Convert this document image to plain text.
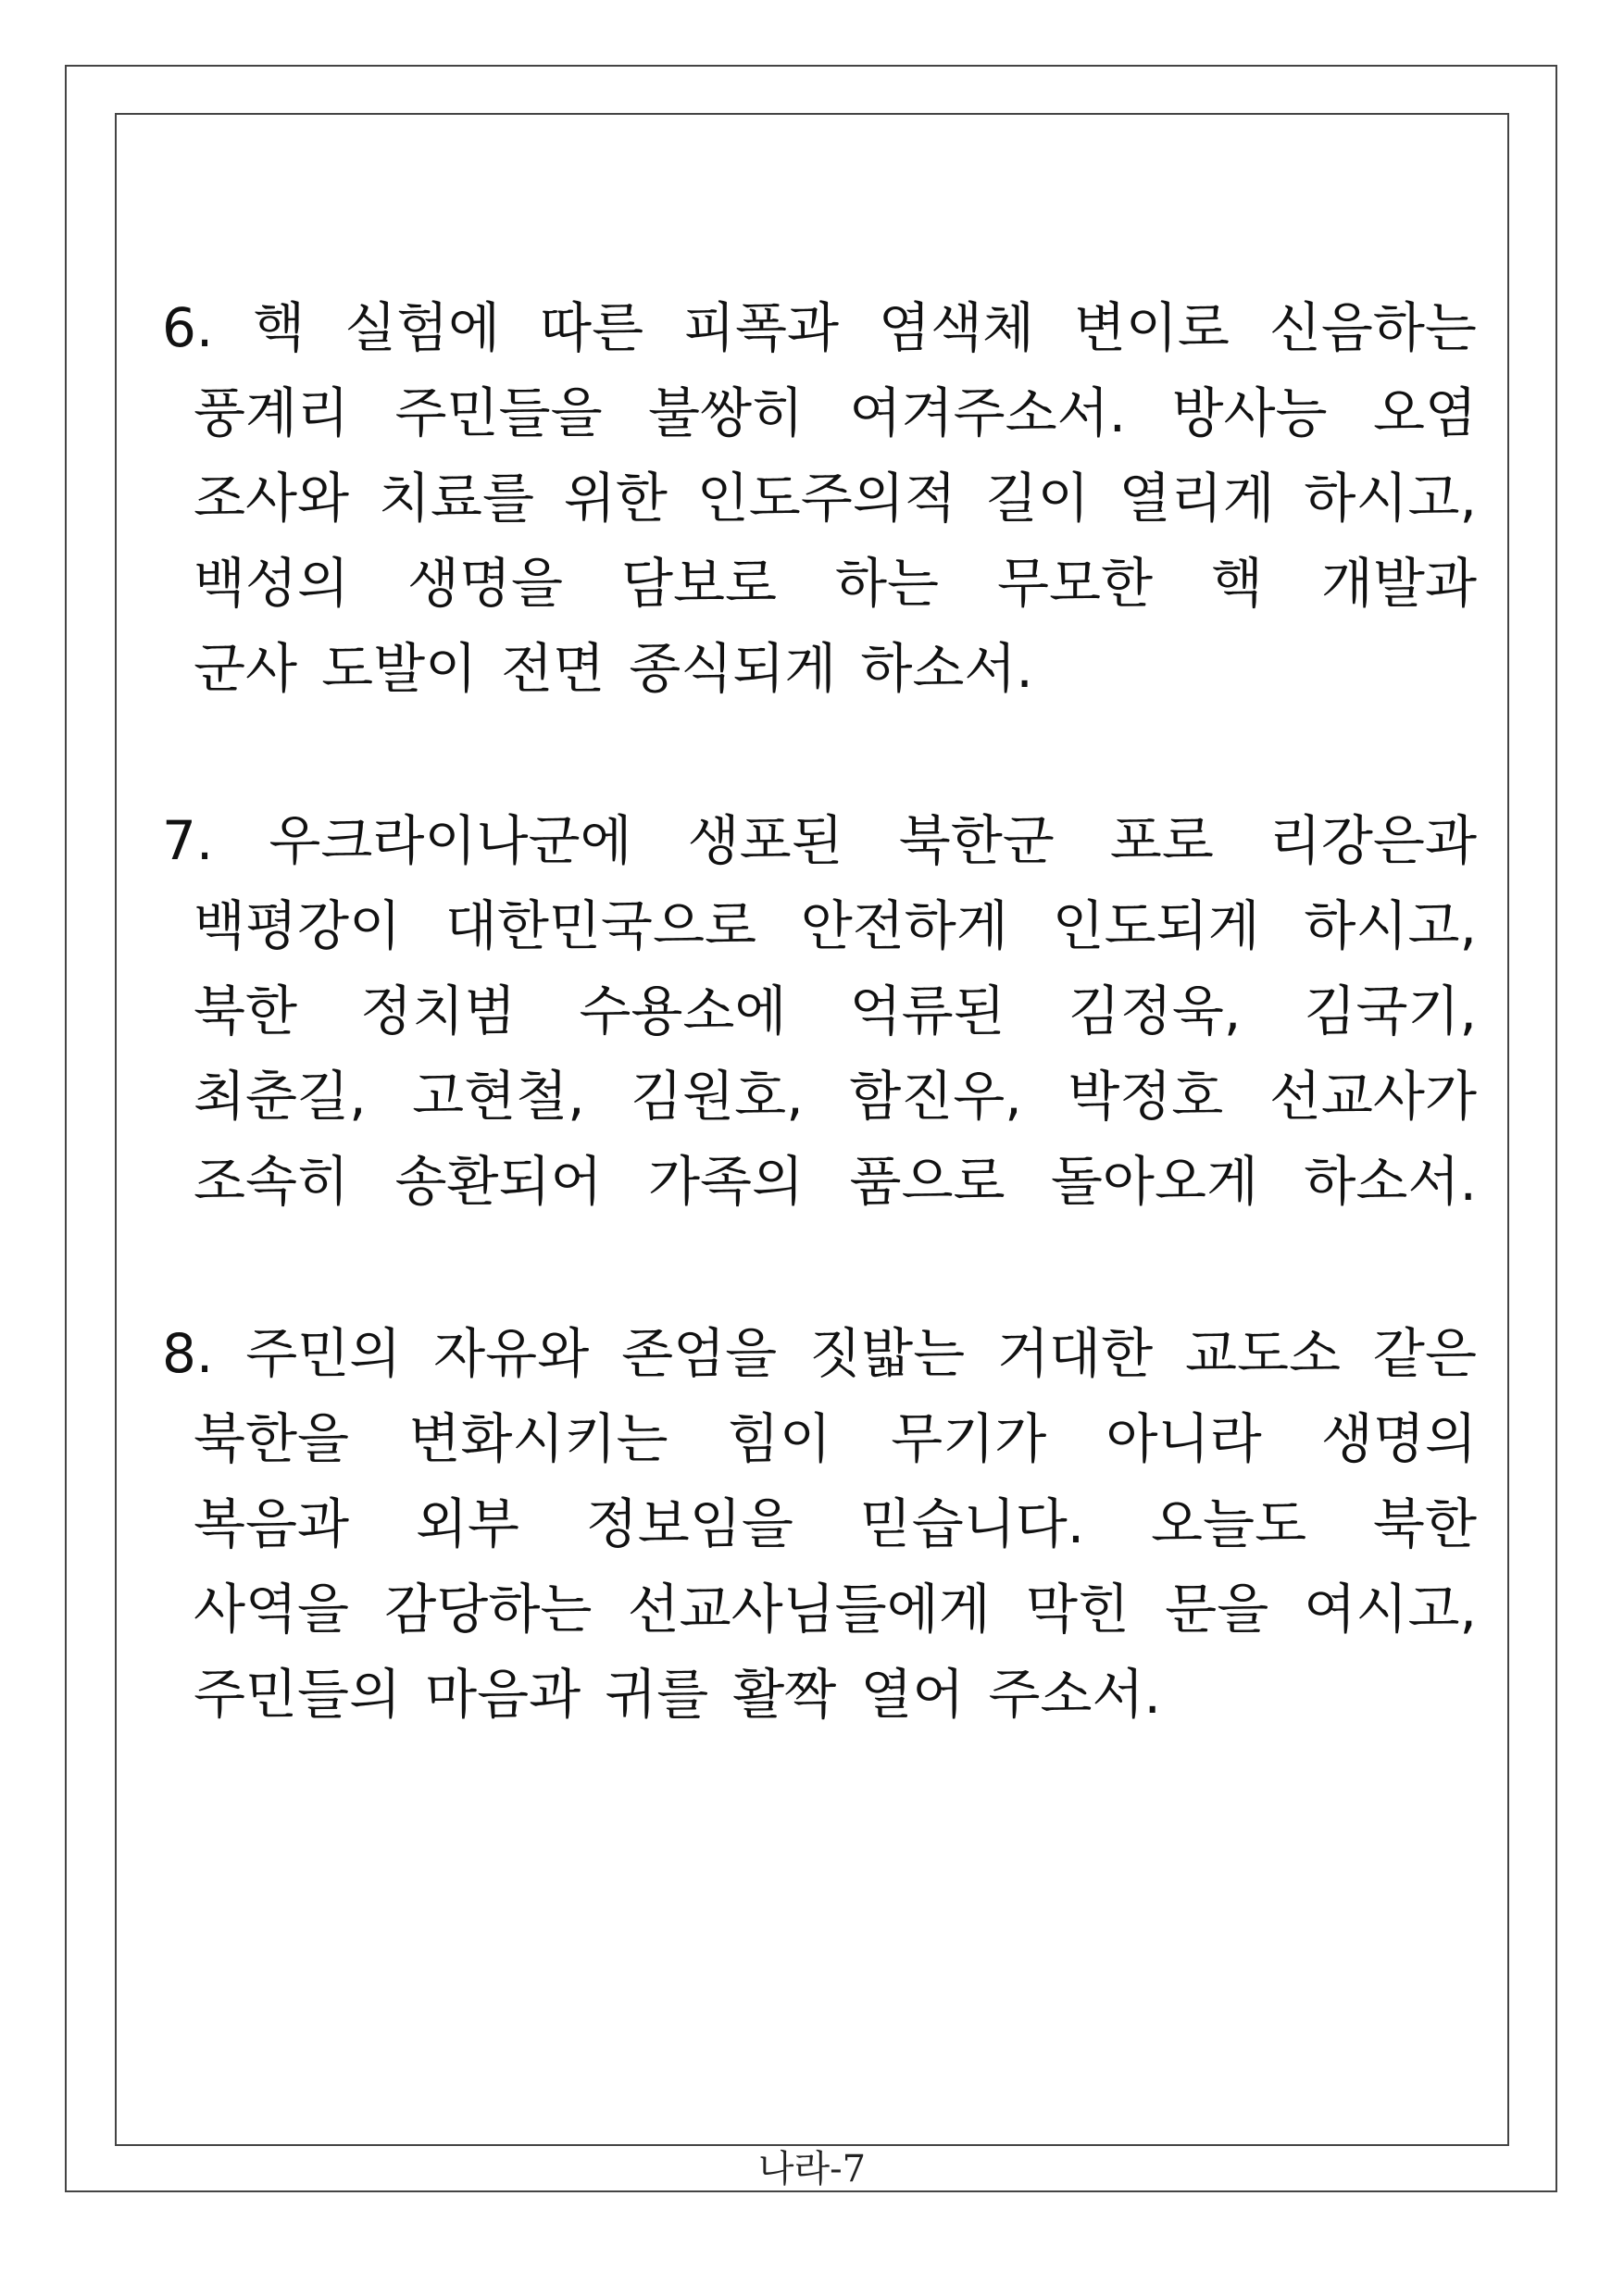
6. 핵 실험에 따른 피폭과 염색체 변이로 신음하는
풍계리 주민들을 불쌍히 여겨주소서. 방사능 오염
조사와 치료를 위한 인도주의적 길이 열리게 하시고,
백성의 생명을 담보로 하는 무모한 핵 개발과
군사 도발이 전면 종식되게 하소서.
7. 우크라이나군에 생포된 북한군 포로 리강은과
백평강이 대한민국으로 안전하게 인도되게 하시고,
북한 정치범 수용소에 억류된 김정욱, 김국기,
최춘길, 고현철, 김원호, 함진우, 박정호 선교사가
조속히 송환되어 가족의 품으로 돌아오게 하소서.
8. 주민의 자유와 존엄을 짓밟는 거대한 교도소 같은
북한을 변화시키는 힘이 무기가 아니라 생명의
복음과 외부 정보임을 믿습니다. 오늘도 북한
사역을 감당하는 선교사님들에게 막힌 문을 여시고,
주민들의 마음과 귀를 활짝 열어 주소서.
나라-7
